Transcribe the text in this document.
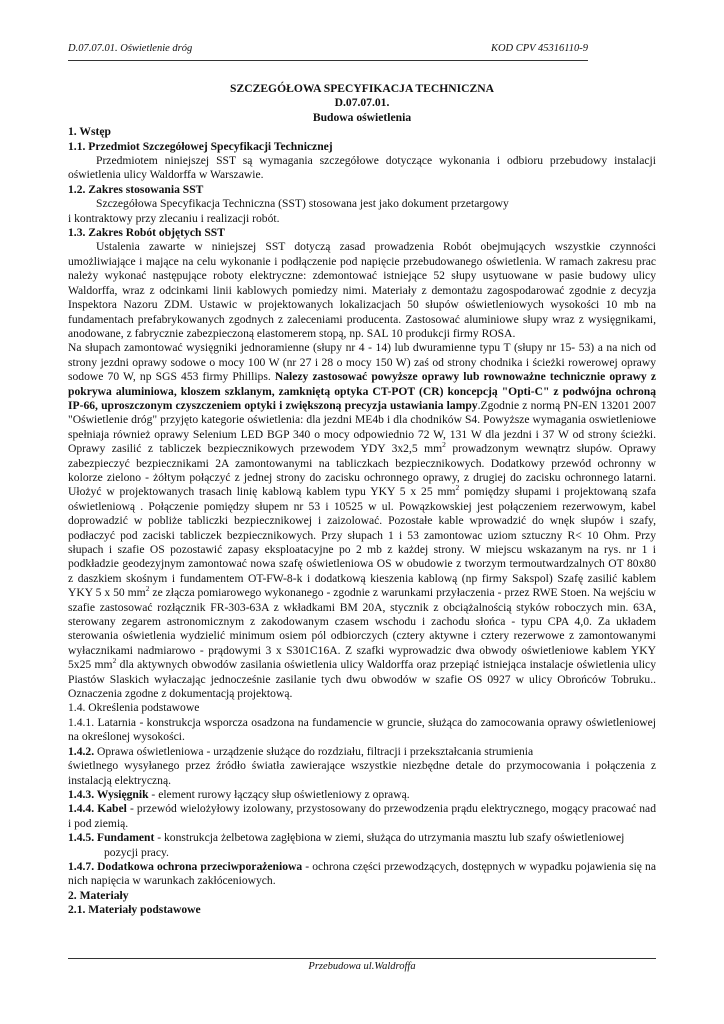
D.07.07.01. Oświetlenie dróg	KOD CPV 45316110-9

SZCZEGÓŁOWA SPECYFIKACJA TECHNICZNA

D.07.07.01.

Budowa oświetlenia

1. Wstęp

1.1. Przedmiot Szczegółowej Specyfikacji Technicznej

Przedmiotem niniejszej SST są wymagania szczegółowe dotyczące wykonania i odbioru przebudowy instalacji oświetlenia ulicy Waldorffa w Warszawie.

1.2. Zakres stosowania SST

Szczegółowa Specyfikacja Techniczna (SST) stosowana jest jako dokument przetargowy

i kontraktowy przy zlecaniu i realizacji robót.

1.3. Zakres Robót objętych SST

Ustalenia zawarte w niniejszej SST dotyczą zasad prowadzenia Robót obejmujących wszystkie czynności umożliwiające i mające na celu wykonanie i podłączenie pod napięcie przebudowanego oświetlenia. W ramach zakresu prac należy wykonać następujące roboty elektryczne: zdemontować istniejące 52 słupy usytuowane w pasie budowy ulicy Waldorffa, wraz z odcinkami linii kablowych pomiedzy nimi. Materiały z demontażu zagospodarować zgodnie z decyzja Inspektora Nazoru ZDM. Ustawic w projektowanych lokalizacjach 50 słupów oświetleniowych wysokości 10 mb na fundamentach prefabrykowanych zgodnych z zaleceniami producenta. Zastosować aluminiowe słupy wraz z wysięgnikami, anodowane, z fabrycznie zabezpieczoną elastomerem stopą, np. SAL 10 produkcji firmy ROSA.

Na słupach zamontować wysięgniki jednoramienne (słupy nr 4 - 14) lub dwuramienne typu T (słupy nr 15- 53) a na nich od strony jezdni oprawy sodowe o mocy 100 W (nr 27 i 28 o mocy 150 W) zaś od strony chodnika i ścieżki rowerowej oprawy sodowe 70 W, np SGS 453 firmy Phillips. Nalezy zastosować powyższe oprawy lub rownoważne technicznie oprawy z pokrywa aluminiowa, kloszem szklanym, zamkniętą optyka CT-POT (CR) koncepcją "Opti-C" z podwójna ochroną IP-66, uproszczonym czyszczeniem optyki i zwiększoną precyzja ustawiania lampy.Zgodnie z normą PN-EN 13201 2007 "Oświetlenie dróg" przyjęto kategorie oświetlenia: dla jezdni ME4b i dla chodników S4. Powyższe wymagania oswietleniowe spełniaja również oprawy Selenium LED BGP 340 o mocy odpowiednio 72 W, 131 W dla jezdni i 37 W od strony ścieżki. Oprawy zasilić z tabliczek bezpiecznikowych przewodem YDY 3x2,5 $mm^2$ prowadzonym wewnątrz słupów. Oprawy zabezpieczyć bezpiecznikami 2A zamontowanymi na tabliczkach bezpiecznikowych. Dodatkowy przewód ochronny w kolorze zielono - żółtym połączyć z jednej strony do zacisku ochronnego oprawy, z drugiej do zacisku ochronnego latarni. Ułożyć w projektowanych trasach linię kablową kablem typu YKY 5 x 25 $mm^2$ pomiędzy słupami i projektowaną szafa oświetleniową . Połączenie pomiędzy słupem nr 53 i 10525 w ul. Powązkowskiej jest połączeniem rezerwowym, kabel doprowadzić w pobliże tabliczki bezpiecznikowej i zaizolować. Pozostałe kable wprowadzić do wnęk słupów i szafy, podłaczyć pod zaciski tabliczek bezpiecznikowych. Przy słupach 1 i 53 zamontowac uziom sztuczny R< 10 Ohm. Przy słupach i szafie OS pozostawić zapasy eksploatacyjne po 2 mb z każdej strony. W miejscu wskazanym na rys. nr 1 i podkładzie geodezyjnym zamontować nowa szafę oświetleniowa OS w obudowie z tworzym termoutwardzalnych OT 80x80 z daszkiem skośnym i fundamentem OT-FW-8-k i dodatkową kieszenia kablową (np firmy Sakspol) Szafę zasilić kablem YKY 5 x 50 $mm^2$ ze złącza pomiarowego wykonanego - zgodnie z warunkami przyłaczenia - przez RWE Stoen. Na wejściu w szafie zastosować rozłącznik FR-303-63A z wkładkami BM 20A, stycznik z obciążalnością styków roboczych min. 63A, sterowany zegarem astronomicznym z zakodowanym czasem wschodu i zachodu słońca - typu CPA 4,0. Za układem sterowania oświetlenia wydzielić minimum osiem pól odbiorczych (cztery aktywne i cztery rezerwowe z zamontowanymi wyłacznikami nadmiarowo - prądowymi 3 x S301C16A. Z szafki wyprowadzic dwa obwody oświetleniowe kablem YKY 5x25 $mm^2$ dla aktywnych obwodów zasilania oświetlenia ulicy Waldorffa oraz przepiąć istniejąca instalacje oświetlenia ulicy Piastów Slaskich wyłaczając jednocześnie zasilanie tych dwu obwodów w szafie OS 0927 w ulicy Obrońców Tobruku.. Oznaczenia zgodne z dokumentacją projektową.

1.4. Określenia podstawowe

1.4.1. Latarnia - konstrukcja wsporcza osadzona na fundamencie w gruncie, służąca do zamocowania oprawy oświetleniowej na określonej wysokości.

1.4.2. Oprawa oświetleniowa - urządzenie służące do rozdziału, filtracji i przekształcania strumienia

świetlnego wysyłanego przez źródło światła zawierające wszystkie niezbędne detale do przymocowania i połączenia z instalacją elektryczną.

1.4.3. Wysięgnik - element rurowy łączący słup oświetleniowy z oprawą.

1.4.4. Kabel - przewód wielożyłowy izolowany, przystosowany do przewodzenia prądu elektrycznego, mogący pracować nad i pod ziemią.

1.4.5. Fundament - konstrukcja żelbetowa zagłębiona w ziemi, służąca do utrzymania masztu lub szafy oświetleniowej

pozycji pracy.

1.4.7. Dodatkowa ochrona przeciwporażeniowa - ochrona części przewodzących, dostępnych w wypadku pojawienia się na nich napięcia w warunkach zakłóceniowych.

2. Materiały

2.1. Materiały podstawowe

Przebudowa ul.Waldroffa
